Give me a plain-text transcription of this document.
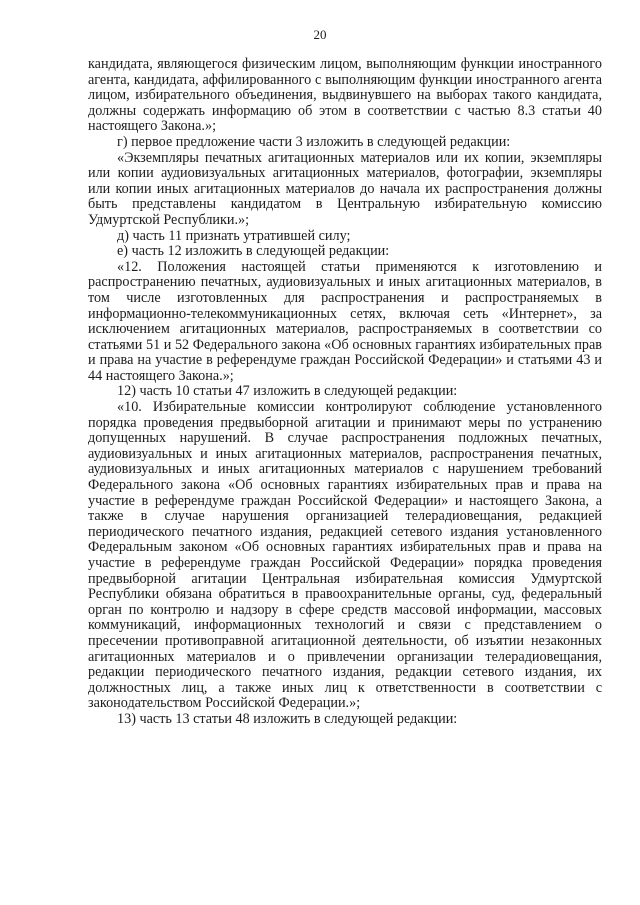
20

кандидата, являющегося физическим лицом, выполняющим функции иностранного агента, кандидата, аффилированного с выполняющим функции иностранного агента лицом, избирательного объединения, выдвинувшего на выборах такого кандидата, должны содержать информацию об этом в соответствии с частью 8.3 статьи 40 настоящего Закона.»;

г) первое предложение части 3 изложить в следующей редакции:

«Экземпляры печатных агитационных материалов или их копии, экземпляры или копии аудиовизуальных агитационных материалов, фотографии, экземпляры или копии иных агитационных материалов до начала их распространения должны быть представлены кандидатом в Центральную избирательную комиссию Удмуртской Республики.»;

д) часть 11 признать утратившей силу;

е) часть 12 изложить в следующей редакции:

«12. Положения настоящей статьи применяются к изготовлению и распространению печатных, аудиовизуальных и иных агитационных материалов, в том числе изготовленных для распространения и распространяемых в информационно-телекоммуникационных сетях, включая сеть «Интернет», за исключением агитационных материалов, распространяемых в соответствии со статьями 51 и 52 Федерального закона «Об основных гарантиях избирательных прав и права на участие в референдуме граждан Российской Федерации» и статьями 43 и 44 настоящего Закона.»;

12) часть 10 статьи 47 изложить в следующей редакции:

«10. Избирательные комиссии контролируют соблюдение установленного порядка проведения предвыборной агитации и принимают меры по устранению допущенных нарушений. В случае распространения подложных печатных, аудиовизуальных и иных агитационных материалов, распространения печатных, аудиовизуальных и иных агитационных материалов с нарушением требований Федерального закона «Об основных гарантиях избирательных прав и права на участие в референдуме граждан Российской Федерации» и настоящего Закона, а также в случае нарушения организацией телерадиовещания, редакцией периодического печатного издания, редакцией сетевого издания установленного Федеральным законом «Об основных гарантиях избирательных прав и права на участие в референдуме граждан Российской Федерации» порядка проведения предвыборной агитации Центральная избирательная комиссия Удмуртской Республики обязана обратиться в правоохранительные органы, суд, федеральный орган по контролю и надзору в сфере средств массовой информации, массовых коммуникаций, информационных технологий и связи с представлением о пресечении противоправной агитационной деятельности, об изъятии незаконных агитационных материалов и о привлечении организации телерадиовещания, редакции периодического печатного издания, редакции сетевого издания, их должностных лиц, а также иных лиц к ответственности в соответствии с законодательством Российской Федерации.»;

13) часть 13 статьи 48 изложить в следующей редакции:
